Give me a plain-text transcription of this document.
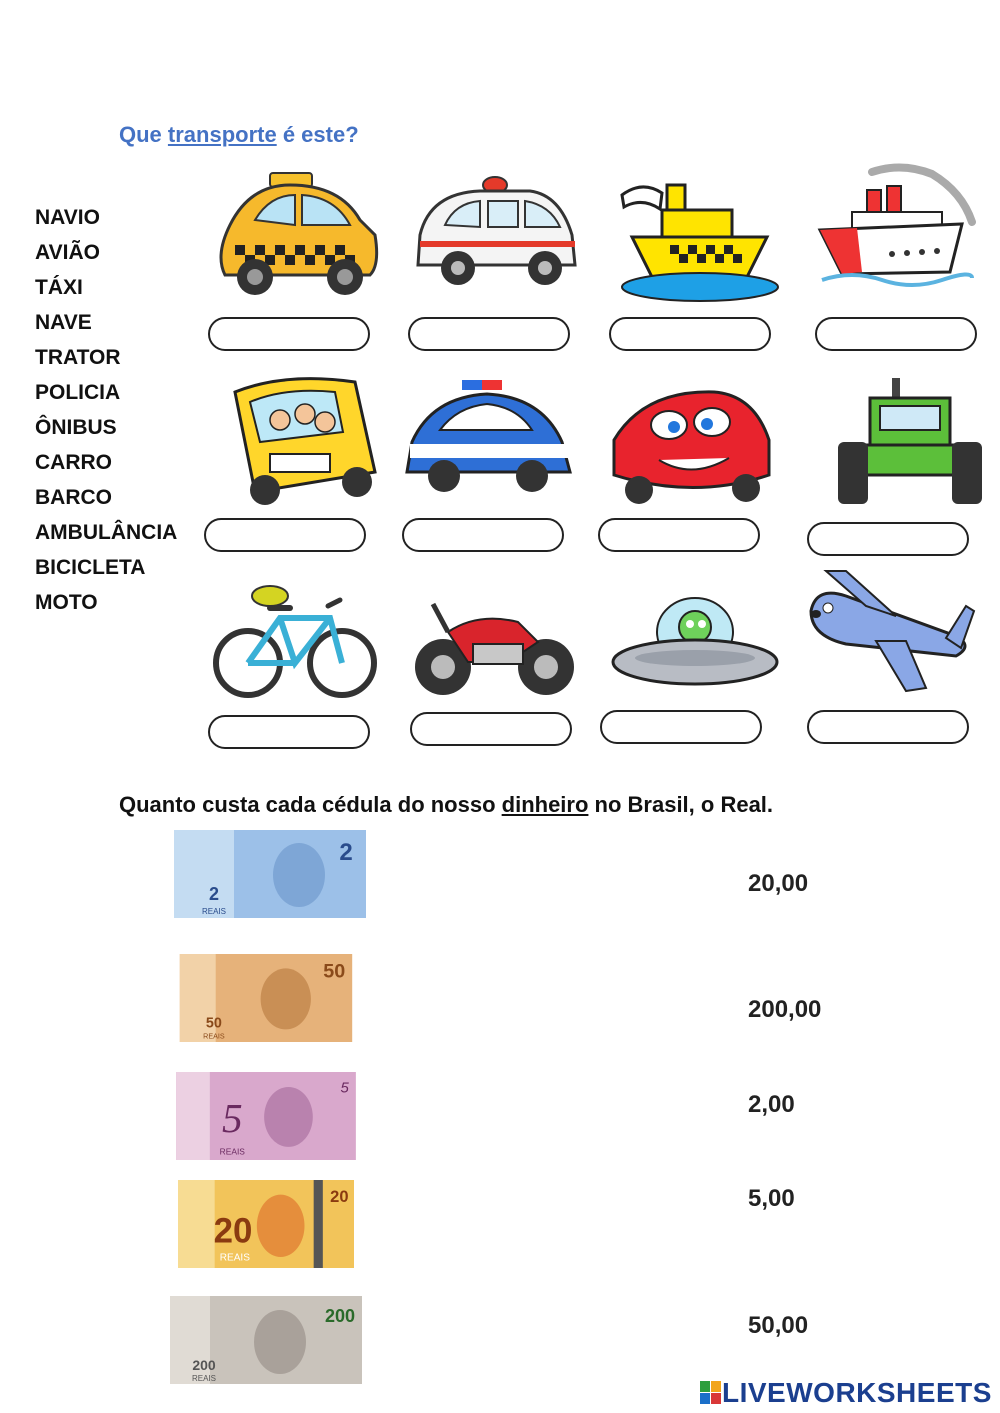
Que transporte é este?
NAVIO
AVIÃO
TÁXI
NAVE
TRATOR
POLICIA
ÔNIBUS
CARRO
BARCO
AMBULÂNCIA
BICICLETA
MOTO
Quanto custa cada cédula do nosso dinheiro no Brasil, o Real.
2
2
REAIS
50
50
REAIS
5
5
REAIS
20
20
REAIS
200
200
REAIS
20,00
200,00
2,00
5,00
50,00
LIVEWORKSHEETS
